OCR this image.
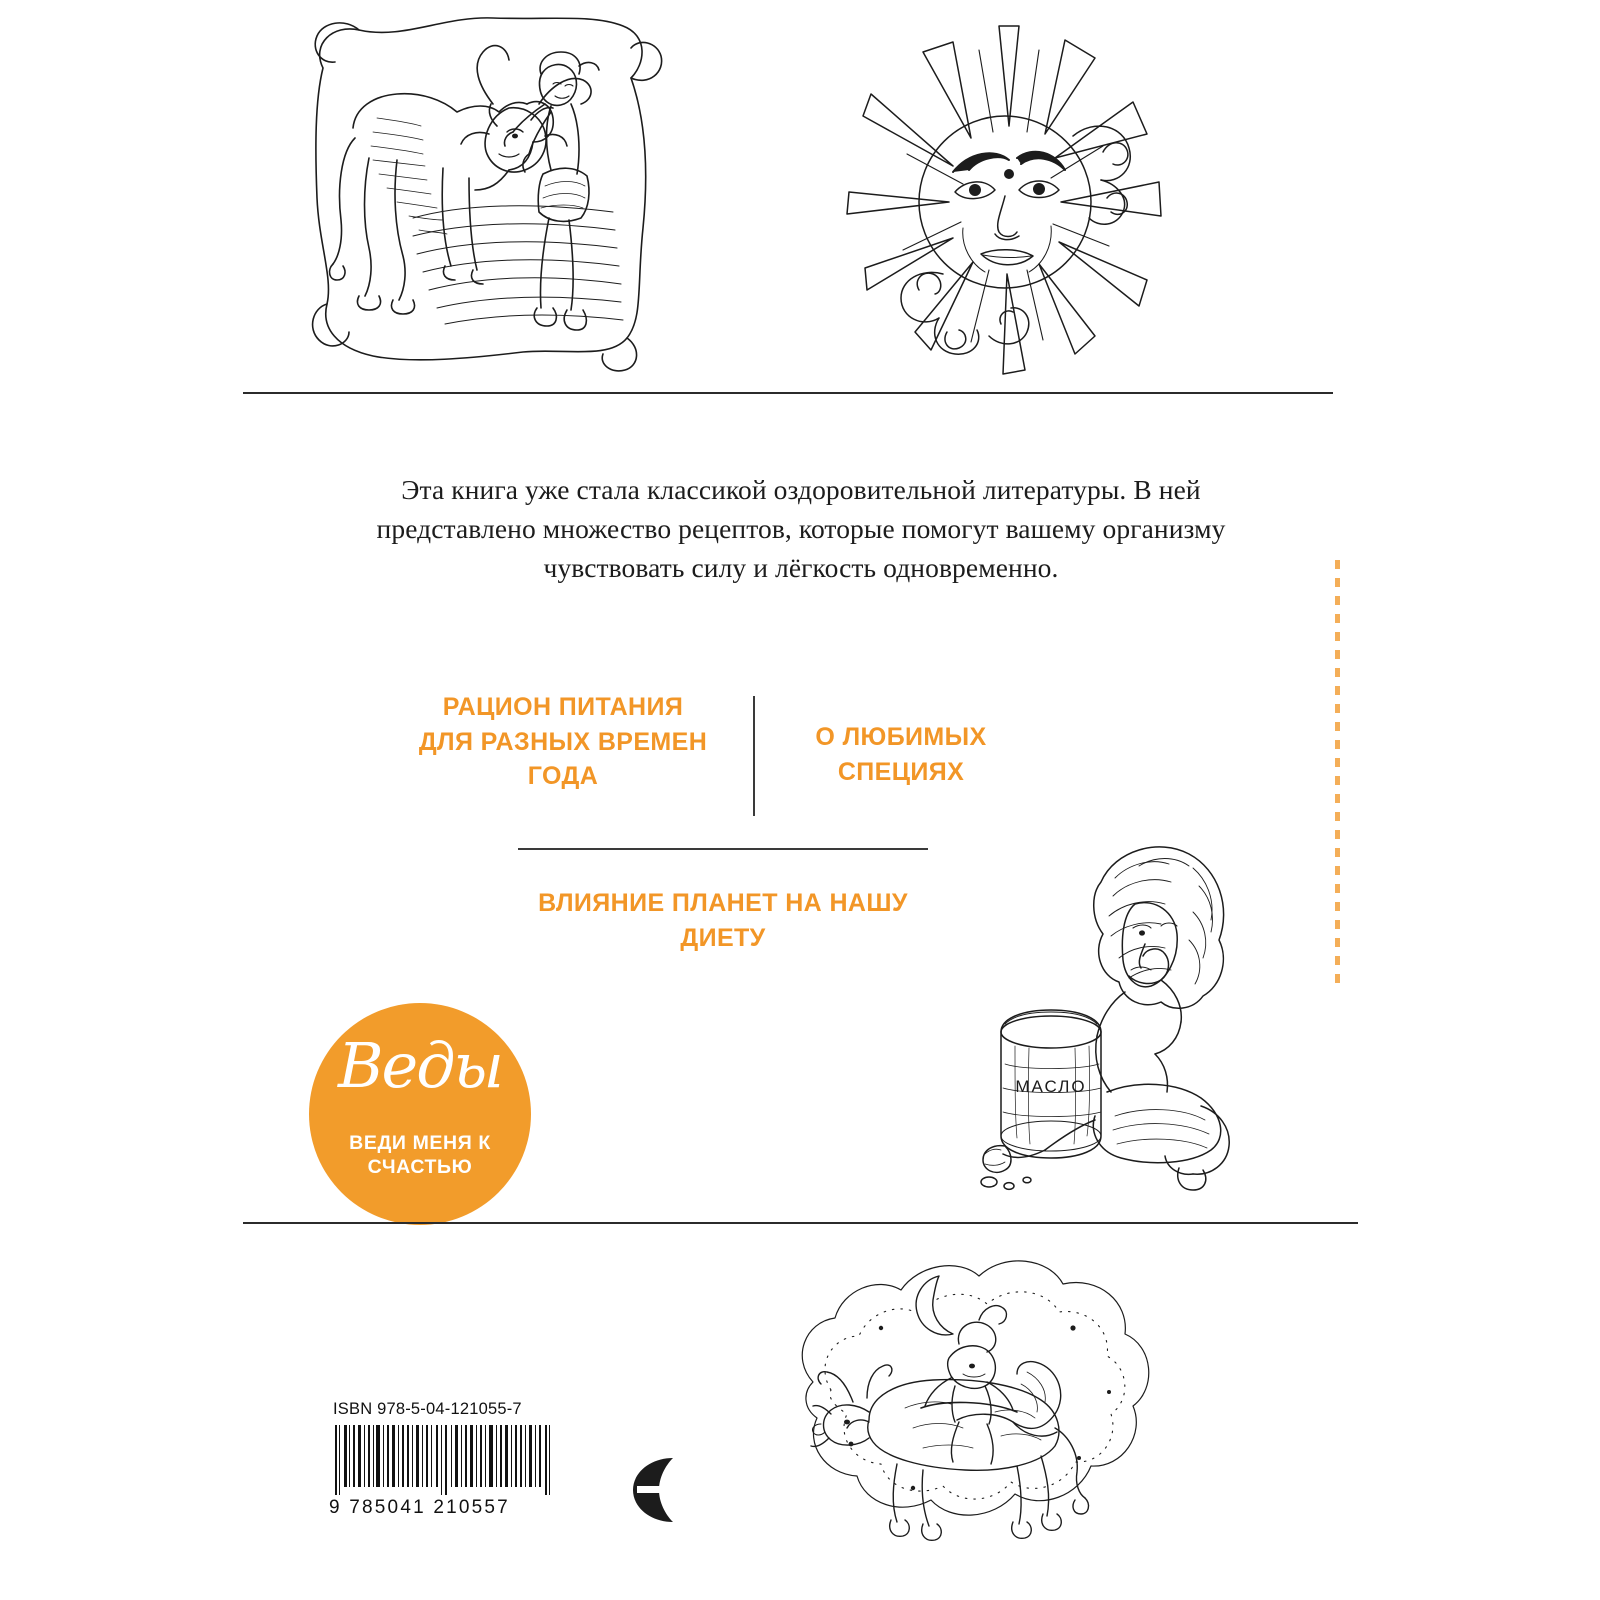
Эта книга уже стала классикой оздоровительной литературы. В ней представлено множество рецептов, которые помогут вашему организму чувствовать силу и лёгкость одновременно.
РАЦИОН ПИТАНИЯ ДЛЯ РАЗНЫХ ВРЕМЕН ГОДА
О ЛЮБИМЫХ СПЕЦИЯХ
ВЛИЯНИЕ ПЛАНЕТ НА НАШУ ДИЕТУ
Веды
ВЕДИ МЕНЯ К СЧАСТЬЮ
МАСЛО
ISBN 978-5-04-121055-7
9 785041 210557
